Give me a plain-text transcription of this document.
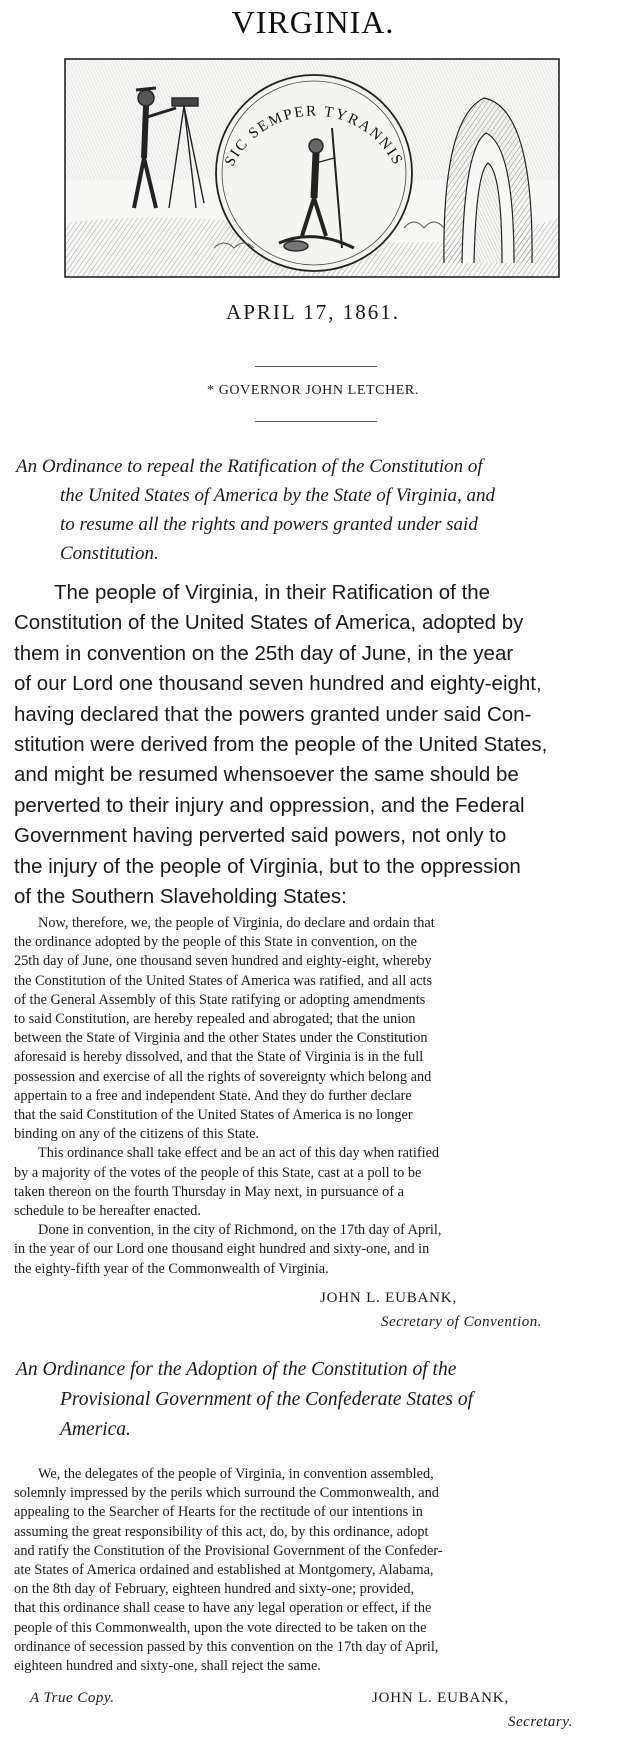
VIRGINIA.
SIC SEMPER TYRANNIS
APRIL 17, 1861.
* GOVERNOR JOHN LETCHER.
An Ordinance to repeal the Ratification of the Constitution of
the United States of America by the State of Virginia, and
to resume all the rights and powers granted under said
Constitution.
The people of Virginia, in their Ratification of the
Constitution of the United States of America, adopted by
them in convention on the 25th day of June, in the year
of our Lord one thousand seven hundred and eighty-eight,
having declared that the powers granted under said Con-
stitution were derived from the people of the United States,
and might be resumed whensoever the same should be
perverted to their injury and oppression, and the Federal
Government having perverted said powers, not only to
the injury of the people of Virginia, but to the oppression
of the Southern Slaveholding States:
Now, therefore, we, the people of Virginia, do declare and ordain that
the ordinance adopted by the people of this State in convention, on the
25th day of June, one thousand seven hundred and eighty-eight, whereby
the Constitution of the United States of America was ratified, and all acts
of the General Assembly of this State ratifying or adopting amendments
to said Constitution, are hereby repealed and abrogated; that the union
between the State of Virginia and the other States under the Constitution
aforesaid is hereby dissolved, and that the State of Virginia is in the full
possession and exercise of all the rights of sovereignty which belong and
appertain to a free and independent State. And they do further declare
that the said Constitution of the United States of America is no longer
binding on any of the citizens of this State.
This ordinance shall take effect and be an act of this day when ratified
by a majority of the votes of the people of this State, cast at a poll to be
taken thereon on the fourth Thursday in May next, in pursuance of a
schedule to be hereafter enacted.
Done in convention, in the city of Richmond, on the 17th day of April,
in the year of our Lord one thousand eight hundred and sixty-one, and in
the eighty-fifth year of the Commonwealth of Virginia.
JOHN L. EUBANK,
Secretary of Convention.
An Ordinance for the Adoption of the Constitution of the
Provisional Government of the Confederate States of
America.
We, the delegates of the people of Virginia, in convention assembled,
solemnly impressed by the perils which surround the Commonwealth, and
appealing to the Searcher of Hearts for the rectitude of our intentions in
assuming the great responsibility of this act, do, by this ordinance, adopt
and ratify the Constitution of the Provisional Government of the Confeder-
ate States of America ordained and established at Montgomery, Alabama,
on the 8th day of February, eighteen hundred and sixty-one; provided,
that this ordinance shall cease to have any legal operation or effect, if the
people of this Commonwealth, upon the vote directed to be taken on the
ordinance of secession passed by this convention on the 17th day of April,
eighteen hundred and sixty-one, shall reject the same.
A True Copy.	JOHN L. EUBANK,
Secretary.
